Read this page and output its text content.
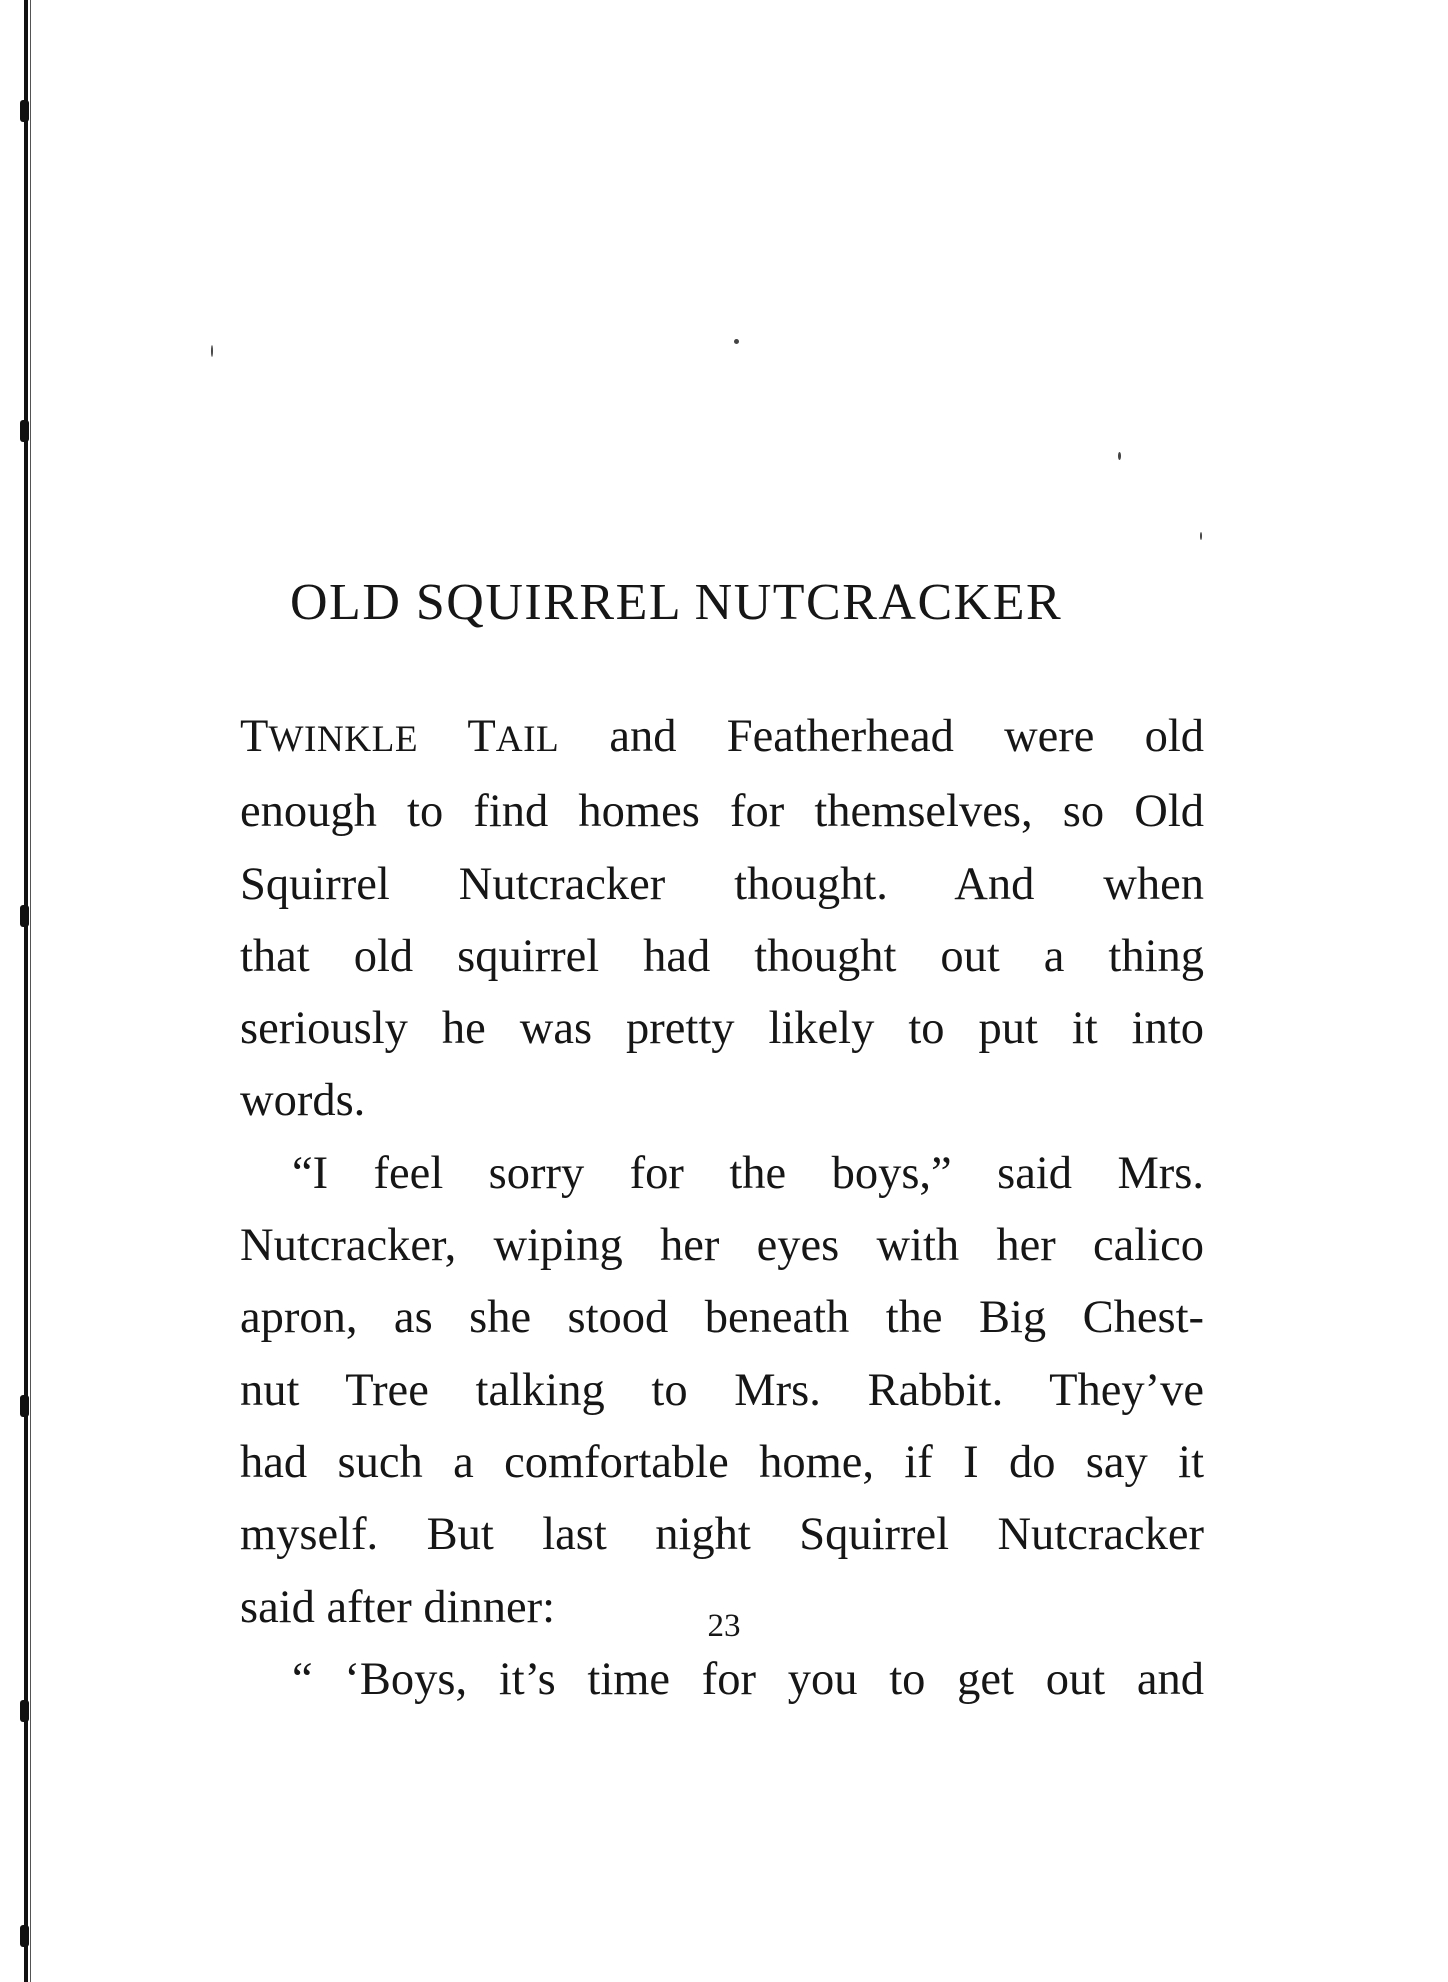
OLD SQUIRREL NUTCRACKER

TWINKLE TAIL and Featherhead were old

enough to find homes for themselves, so Old

Squirrel Nutcracker thought. And when

that old squirrel had thought out a thing

seriously he was pretty likely to put it into

words.

“I feel sorry for the boys,” said Mrs.

Nutcracker, wiping her eyes with her calico

apron, as she stood beneath the Big Chest-

nut Tree talking to Mrs. Rabbit. They’ve

had such a comfortable home, if I do say it

myself. But last night Squirrel Nutcracker

said after dinner:

“ ‘Boys, it’s time for you to get out and

23
